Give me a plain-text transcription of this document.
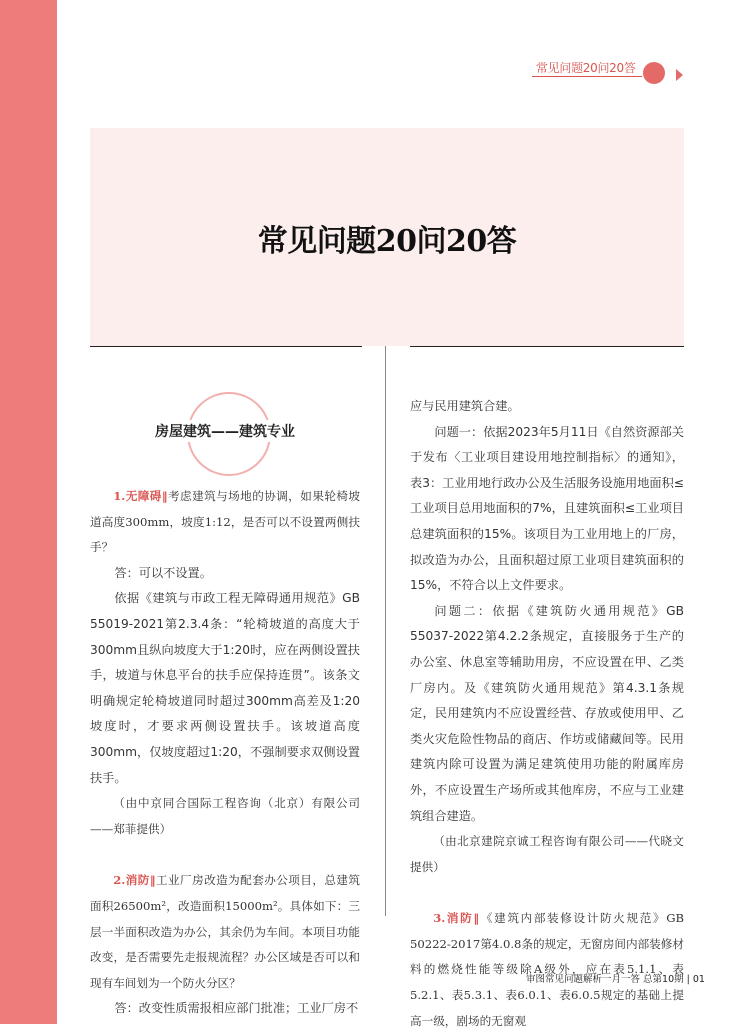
常见问题20问20答
常见问题20问20答
房屋建筑——建筑专业

1.无障碍‖考虑建筑与场地的协调，如果轮椅坡道高度300mm，坡度1:12，是否可以不设置两侧扶手？

答：可以不设置。

依据《建筑与市政工程无障碍通用规范》GB 55019-2021第2.3.4条：“轮椅坡道的高度大于300mm且纵向坡度大于1:20时，应在两侧设置扶手，坡道与休息平台的扶手应保持连贯”。该条文明确规定轮椅坡道同时超过300mm高差及1:20 坡度时，才要求两侧设置扶手。该坡道高度300mm，仅坡度超过1:20，不强制要求双侧设置扶手。

（由中京同合国际工程咨询（北京）有限公司——郑菲提供）

2.消防‖工业厂房改造为配套办公项目，总建筑面积26500m²，改造面积15000m²。具体如下：三层一半面积改造为办公，其余仍为车间。本项目功能改变，是否需要先走报规流程？办公区域是否可以和现有车间划为一个防火分区？

答：改变性质需报相应部门批准；工业厂房不

应与民用建筑合建。

问题一：依据2023年5月11日《自然资源部关于发布〈工业项目建设用地控制指标〉的通知》，表3：工业用地行政办公及生活服务设施用地面积≤工业项目总用地面积的7%，且建筑面积≤工业项目总建筑面积的15%。该项目为工业用地上的厂房，拟改造为办公，且面积超过原工业项目建筑面积的15%，不符合以上文件要求。

问题二：依据《建筑防火通用规范》GB 55037-2022第4.2.2条规定，直接服务于生产的办公室、休息室等辅助用房，不应设置在甲、乙类厂房内。及《建筑防火通用规范》第4.3.1条规定，民用建筑内不应设置经营、存放或使用甲、乙类火灾危险性物品的商店、作坊或储藏间等。民用建筑内除可设置为满足建筑使用功能的附属库房外，不应设置生产场所或其他库房，不应与工业建筑组合建造。

（由北京建院京诚工程咨询有限公司——代晓文提供）

3.消防‖《建筑内部装修设计防火规范》GB 50222-2017第4.0.8条的规定，无窗房间内部装修材料的燃烧性能等级除A级外，应在表5.1.1、表5.2.1、表5.3.1、表6.0.1、表6.0.5规定的基础上提高一级，剧场的无窗观

审图常见问题解析一月一答 总第10期 | 01
